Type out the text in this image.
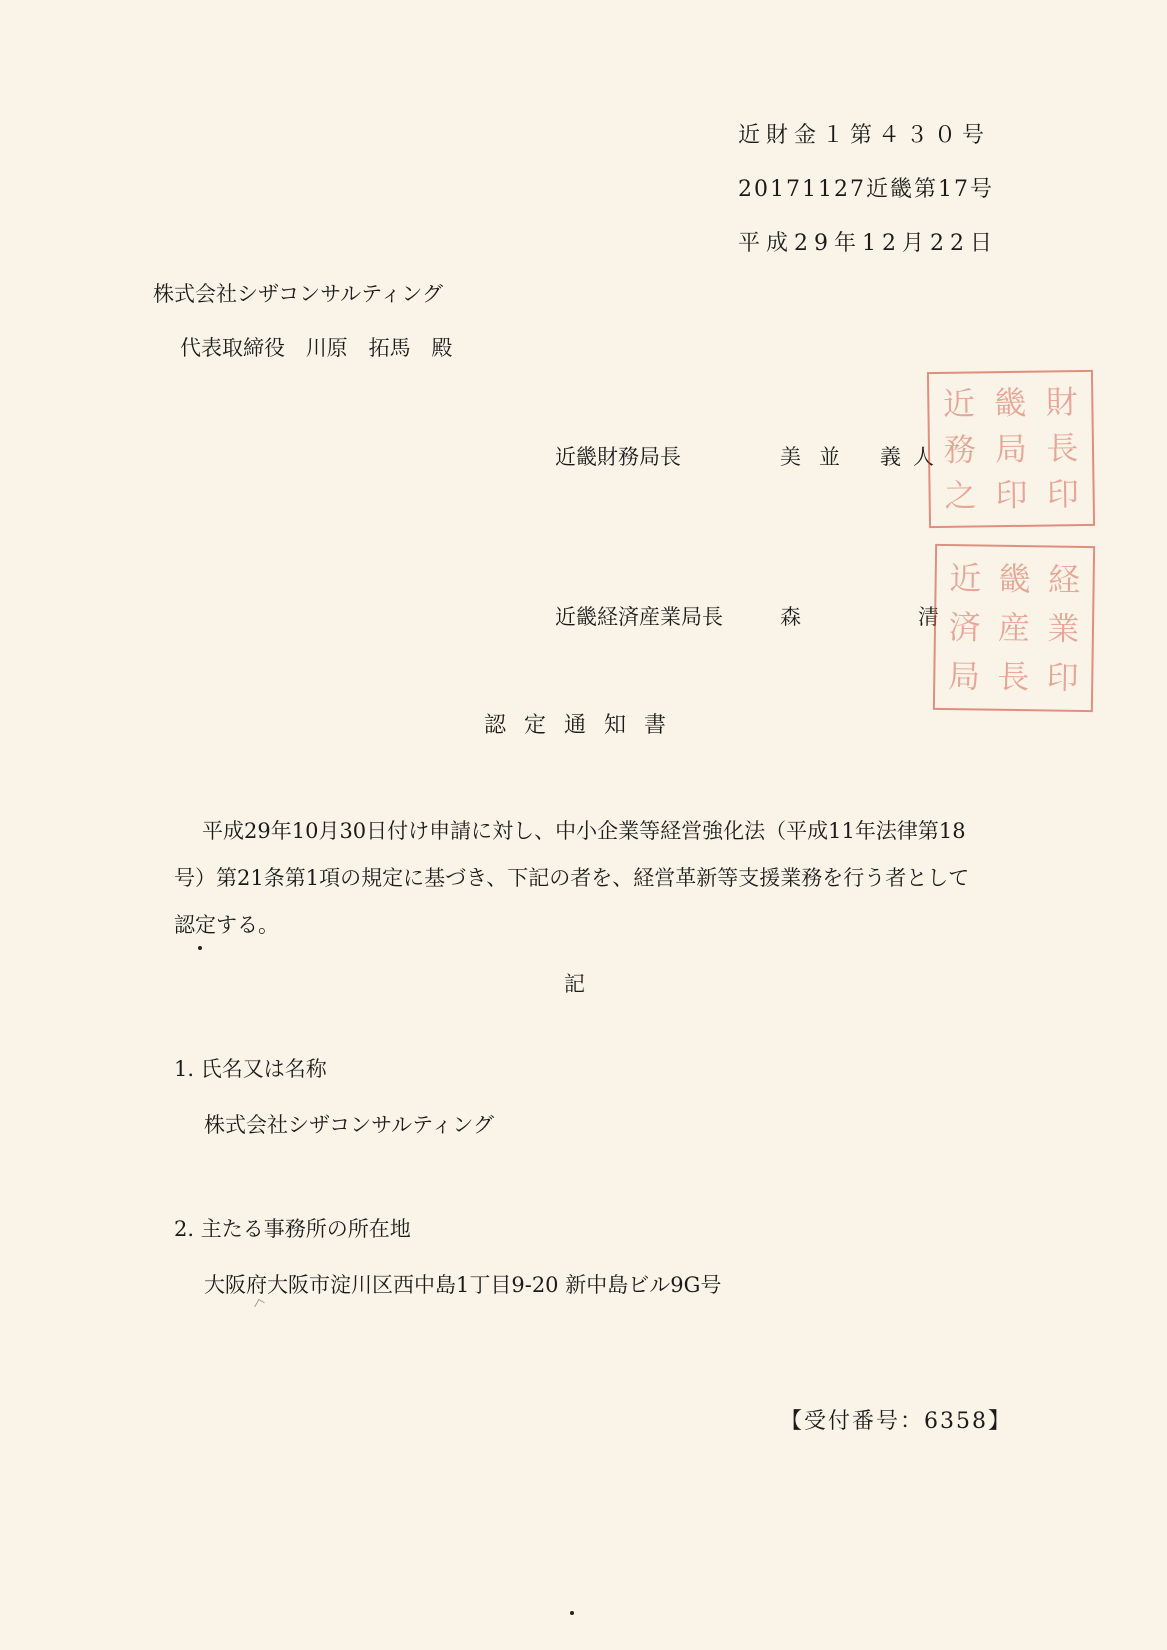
近財金１第４３０号
20171127近畿第17号
平成29年12月22日
株式会社シザコンサルティング
代表取締役 川原　拓馬 殿
近畿財務局長	美並 義人
近 畿 財
務 局 長
之 印 印
近畿経済産業局長	森	清
近 畿 経
済 産 業
局 長 印
認定通知書
平成29年10月30日付け申請に対し、中小企業等経営強化法（平成11年法律第18号）第21条第1項の規定に基づき、下記の者を、経営革新等支援業務を行う者として認定する。
記
1. 氏名又は名称
株式会社シザコンサルティング
2. 主たる事務所の所在地
大阪府大阪市淀川区西中島1丁目9-20 新中島ビル9G号
【受付番号：6358】
